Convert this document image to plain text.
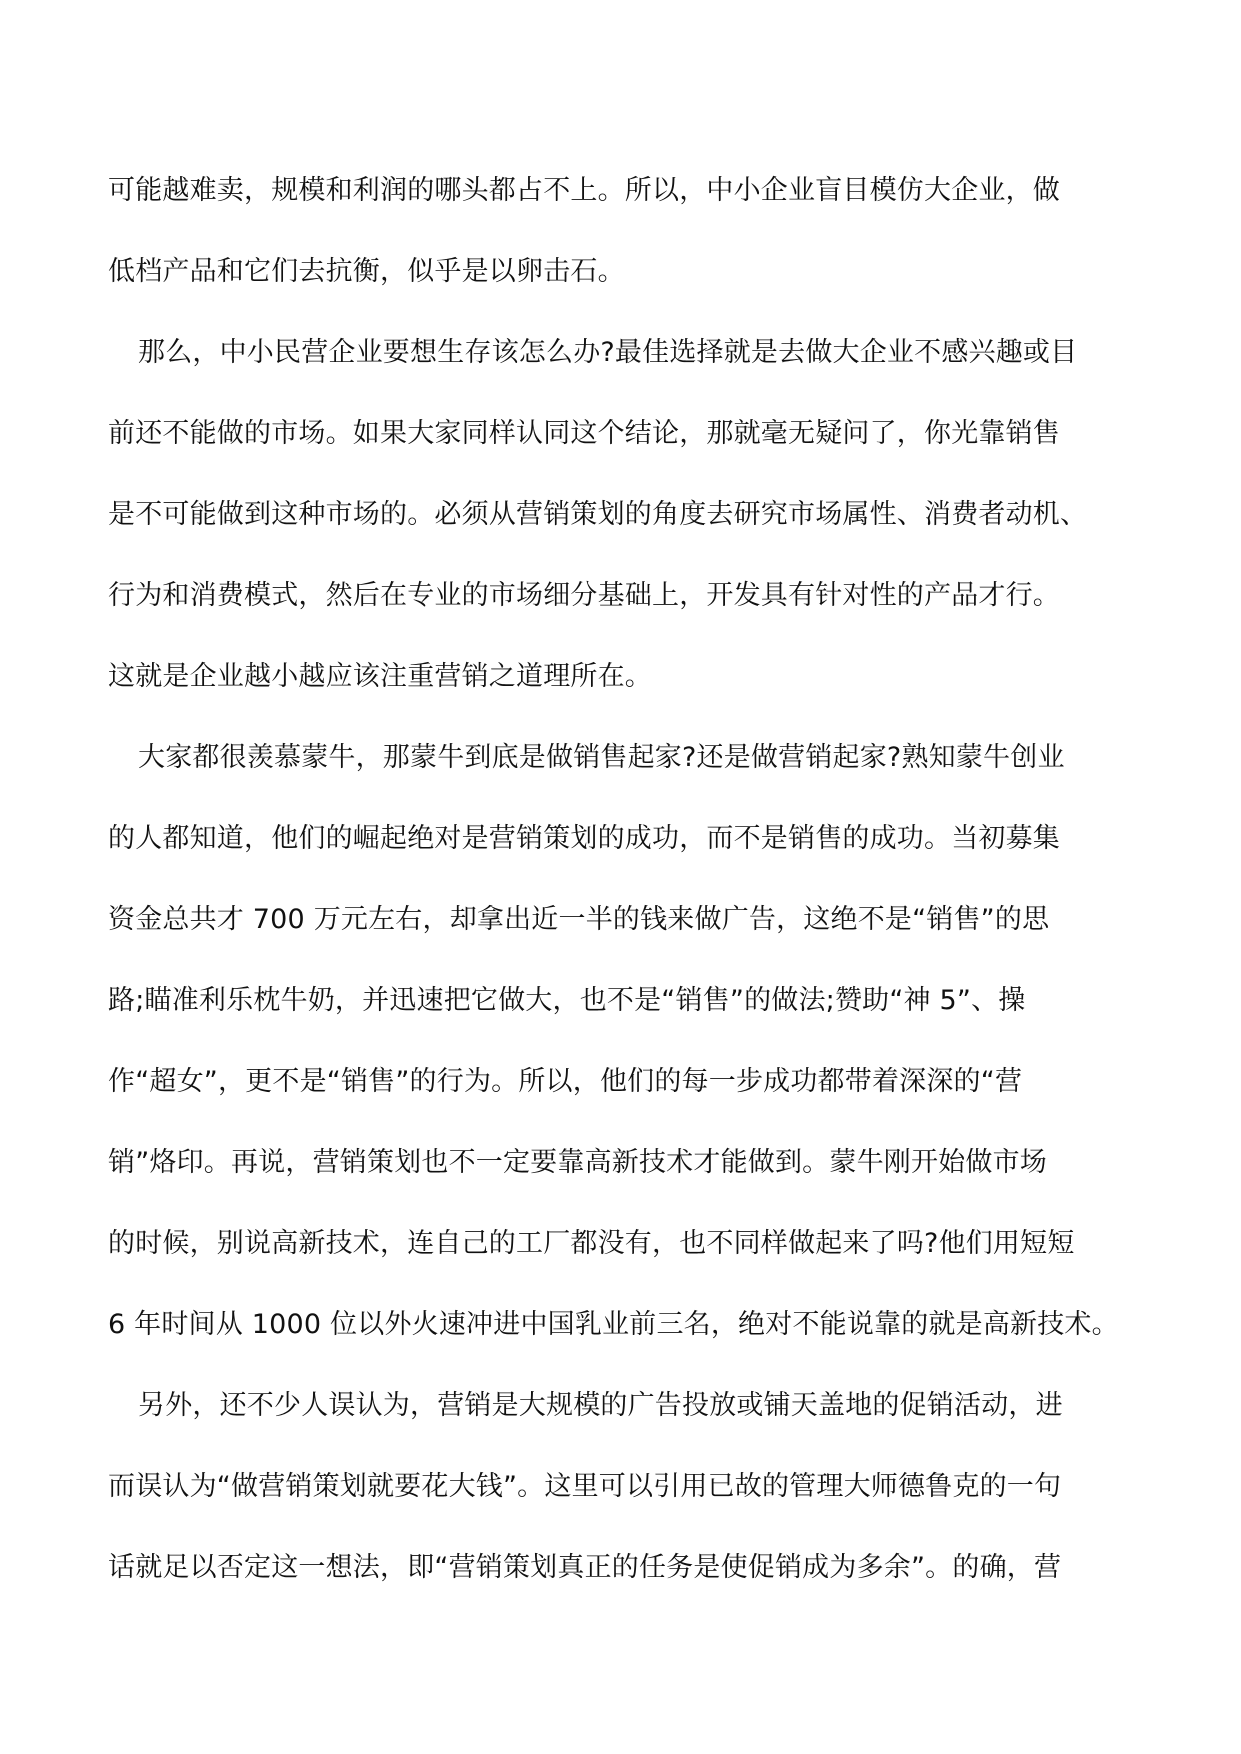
可能越难卖，规模和利润的哪头都占不上。所以，中小企业盲目模仿大企业，做
低档产品和它们去抗衡，似乎是以卵击石。
那么，中小民营企业要想生存该怎么办?最佳选择就是去做大企业不感兴趣或目
前还不能做的市场。如果大家同样认同这个结论，那就毫无疑问了，你光靠销售
是不可能做到这种市场的。必须从营销策划的角度去研究市场属性、消费者动机、
行为和消费模式，然后在专业的市场细分基础上，开发具有针对性的产品才行。
这就是企业越小越应该注重营销之道理所在。
大家都很羡慕蒙牛，那蒙牛到底是做销售起家?还是做营销起家?熟知蒙牛创业
的人都知道，他们的崛起绝对是营销策划的成功，而不是销售的成功。当初募集
资金总共才 700 万元左右，却拿出近一半的钱来做广告，这绝不是“销售”的思
路;瞄准利乐枕牛奶，并迅速把它做大，也不是“销售”的做法;赞助“神 5”、操
作“超女”，更不是“销售”的行为。所以，他们的每一步成功都带着深深的“营
销”烙印。再说，营销策划也不一定要靠高新技术才能做到。蒙牛刚开始做市场
的时候，别说高新技术，连自己的工厂都没有，也不同样做起来了吗?他们用短短
6 年时间从 1000 位以外火速冲进中国乳业前三名，绝对不能说靠的就是高新技术。
另外，还不少人误认为，营销是大规模的广告投放或铺天盖地的促销活动，进
而误认为“做营销策划就要花大钱”。这里可以引用已故的管理大师德鲁克的一句
话就足以否定这一想法，即“营销策划真正的任务是使促销成为多余”。的确，营
